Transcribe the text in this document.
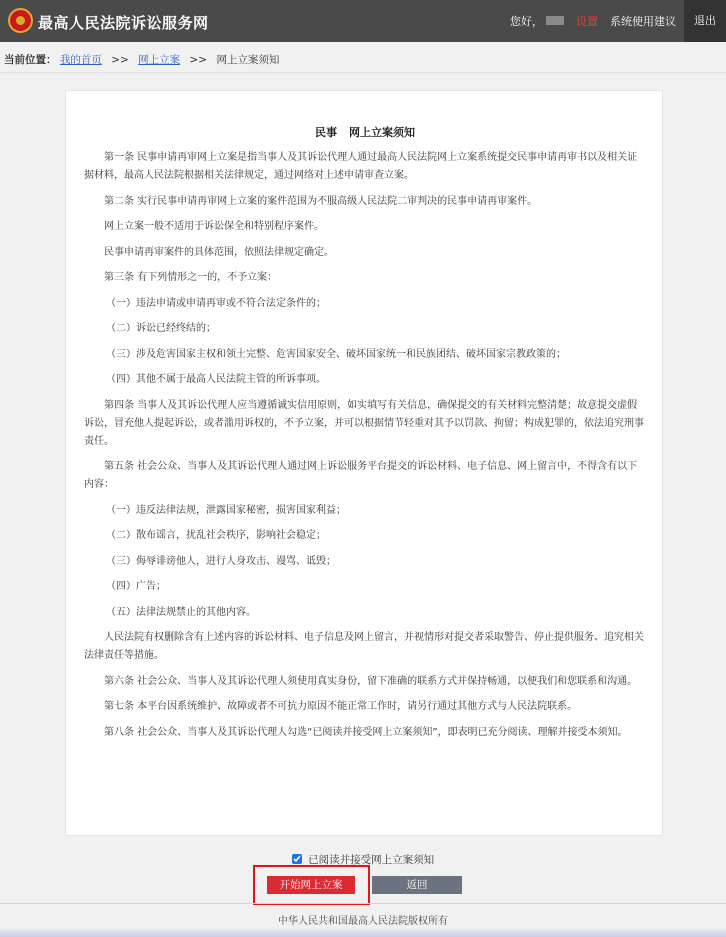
最高人民法院诉讼服务网	您好，	设置 系统使用建议	退出
当前位置： 我的首页 >> 网上立案 >> 网上立案须知
民事 网上立案须知

第一条 民事申请再审网上立案是指当事人及其诉讼代理人通过最高人民法院网上立案系统提交民事申请再审书以及相关证据材料，最高人民法院根据相关法律规定，通过网络对上述申请审查立案。

第二条 实行民事申请再审网上立案的案件范围为不服高级人民法院二审判决的民事申请再审案件。

网上立案一般不适用于诉讼保全和特别程序案件。

民事申请再审案件的具体范围，依照法律规定确定。

第三条 有下列情形之一的，不予立案：

（一）违法申请或申请再审或不符合法定条件的；

（二）诉讼已经终结的；

（三）涉及危害国家主权和领土完整、危害国家安全、破坏国家统一和民族团结、破坏国家宗教政策的；

（四）其他不属于最高人民法院主管的所诉事项。

第四条 当事人及其诉讼代理人应当遵循诚实信用原则，如实填写有关信息，确保提交的有关材料完整清楚；故意提交虚假诉讼，冒充他人提起诉讼，或者滥用诉权的，不予立案，并可以根据情节轻重对其予以罚款、拘留；构成犯罪的，依法追究刑事责任。

第五条 社会公众、当事人及其诉讼代理人通过网上诉讼服务平台提交的诉讼材料、电子信息、网上留言中，不得含有以下内容：

（一）违反法律法规，泄露国家秘密，损害国家利益；

（二）散布谣言，扰乱社会秩序，影响社会稳定；

（三）侮辱诽谤他人，进行人身攻击、谩骂、诋毁；

（四）广告；

（五）法律法规禁止的其他内容。

人民法院有权删除含有上述内容的诉讼材料、电子信息及网上留言，并视情形对提交者采取警告、停止提供服务、追究相关法律责任等措施。

第六条 社会公众、当事人及其诉讼代理人须使用真实身份，留下准确的联系方式并保持畅通，以便我们和您联系和沟通。

第七条 本平台因系统维护、故障或者不可抗力原因不能正常工作时，请另行通过其他方式与人民法院联系。

第八条 社会公众、当事人及其诉讼代理人勾选“已阅读并接受网上立案须知”，即表明已充分阅读、理解并接受本须知。

已阅读并接受网上立案须知
开始网上立案	返回
中华人民共和国最高人民法院版权所有
